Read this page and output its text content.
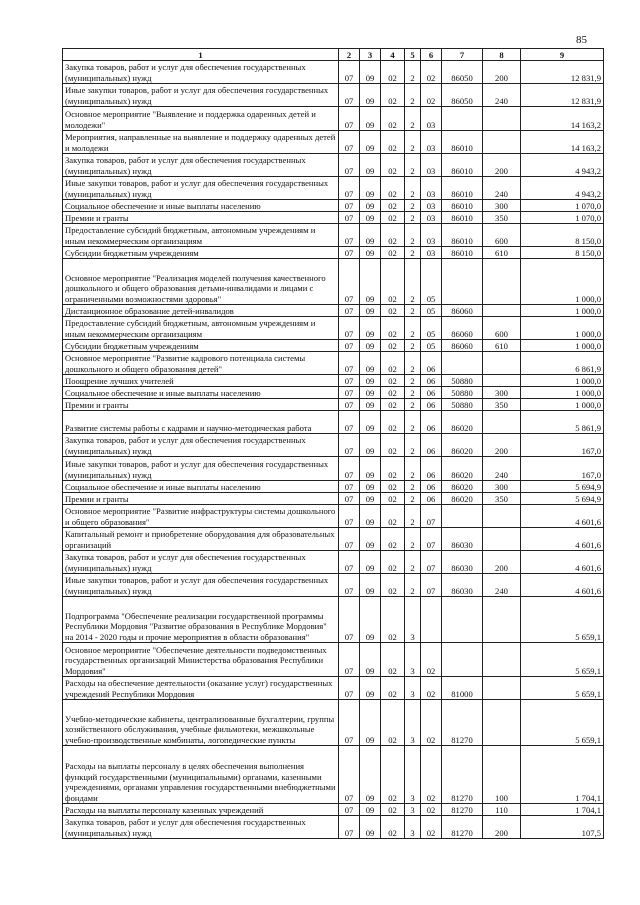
85
1	2	3	4	5	6	7	8	9
Закупка товаров, работ и услуг для обеспечения государственных (муниципальных) нужд	07	09	02	2	02	86050	200	12 831,9
Иные закупки товаров, работ и услуг для обеспечения государственных (муниципальных) нужд	07	09	02	2	02	86050	240	12 831,9
Основное мероприятие "Выявление и поддержка одаренных детей и молодежи"	07	09	02	2	03			14 163,2
Мероприятия, направленные на выявление и поддержку одаренных детей и молодежи	07	09	02	2	03	86010		14 163,2
Закупка товаров, работ и услуг для обеспечения государственных (муниципальных) нужд	07	09	02	2	03	86010	200	4 943,2
Иные закупки товаров, работ и услуг для обеспечения государственных (муниципальных) нужд	07	09	02	2	03	86010	240	4 943,2
Социальное обеспечение и иные выплаты населению	07	09	02	2	03	86010	300	1 070,0
Премии и гранты	07	09	02	2	03	86010	350	1 070,0
Предоставление субсидий бюджетным, автономным учреждениям и иным некоммерческим организациям	07	09	02	2	03	86010	600	8 150,0
Субсидии бюджетным учреждениям	07	09	02	2	03	86010	610	8 150,0
Основное мероприятие "Реализация моделей получения качественного дошкольного и общего образования детьми-инвалидами и лицами с ограниченными возможностями здоровья"	07	09	02	2	05			1 000,0
Дистанционное образование детей-инвалидов	07	09	02	2	05	86060		1 000,0
Предоставление субсидий бюджетным, автономным учреждениям и иным некоммерческим организациям	07	09	02	2	05	86060	600	1 000,0
Субсидии бюджетным учреждениям	07	09	02	2	05	86060	610	1 000,0
Основное мероприятие "Развитие кадрового потенциала системы дошкольного и общего образования детей"	07	09	02	2	06			6 861,9
Поощрение лучших учителей	07	09	02	2	06	50880		1 000,0
Социальное обеспечение и иные выплаты населению	07	09	02	2	06	50880	300	1 000,0
Премии и гранты	07	09	02	2	06	50880	350	1 000,0
Развитие системы работы с кадрами и научно-методическая работа	07	09	02	2	06	86020		5 861,9
Закупка товаров, работ и услуг для обеспечения государственных (муниципальных) нужд	07	09	02	2	06	86020	200	167,0
Иные закупки товаров, работ и услуг для обеспечения государственных (муниципальных) нужд	07	09	02	2	06	86020	240	167,0
Социальное обеспечение и иные выплаты населению	07	09	02	2	06	86020	300	5 694,9
Премии и гранты	07	09	02	2	06	86020	350	5 694,9
Основное мероприятие "Развитие инфраструктуры системы дошкольного и общего образования"	07	09	02	2	07			4 601,6
Капитальный ремонт и приобретение оборудования для образовательных организаций	07	09	02	2	07	86030		4 601,6
Закупка товаров, работ и услуг для обеспечения государственных (муниципальных) нужд	07	09	02	2	07	86030	200	4 601,6
Иные закупки товаров, работ и услуг для обеспечения государственных (муниципальных) нужд	07	09	02	2	07	86030	240	4 601,6
Подпрограмма "Обеспечение реализации государственной программы Республики Мордовия "Развитие образования в Республике Мордовия" на 2014 - 2020 годы и прочие мероприятия в области образования"	07	09	02	3				5 659,1
Основное мероприятие "Обеспечение деятельности подведомственных государственных организаций Министерства образования Республики Мордовия"	07	09	02	3	02			5 659,1
Расходы на обеспечение деятельности (оказание услуг) государственных учреждений Республики Мордовия	07	09	02	3	02	81000		5 659,1
Учебно-методические кабинеты, централизованные бухгалтерии, группы хозяйственного обслуживания, учебные фильмотеки, межшкольные учебно-производственные комбинаты, логопедические пункты	07	09	02	3	02	81270		5 659,1
Расходы на выплаты персоналу в целях обеспечения выполнения функций государственными (муниципальными) органами, казенными учреждениями, органами управления государственными внебюджетными фондами	07	09	02	3	02	81270	100	1 704,1
Расходы на выплаты персоналу казенных учреждений	07	09	02	3	02	81270	110	1 704,1
Закупка товаров, работ и услуг для обеспечения государственных (муниципальных) нужд	07	09	02	3	02	81270	200	107,5
